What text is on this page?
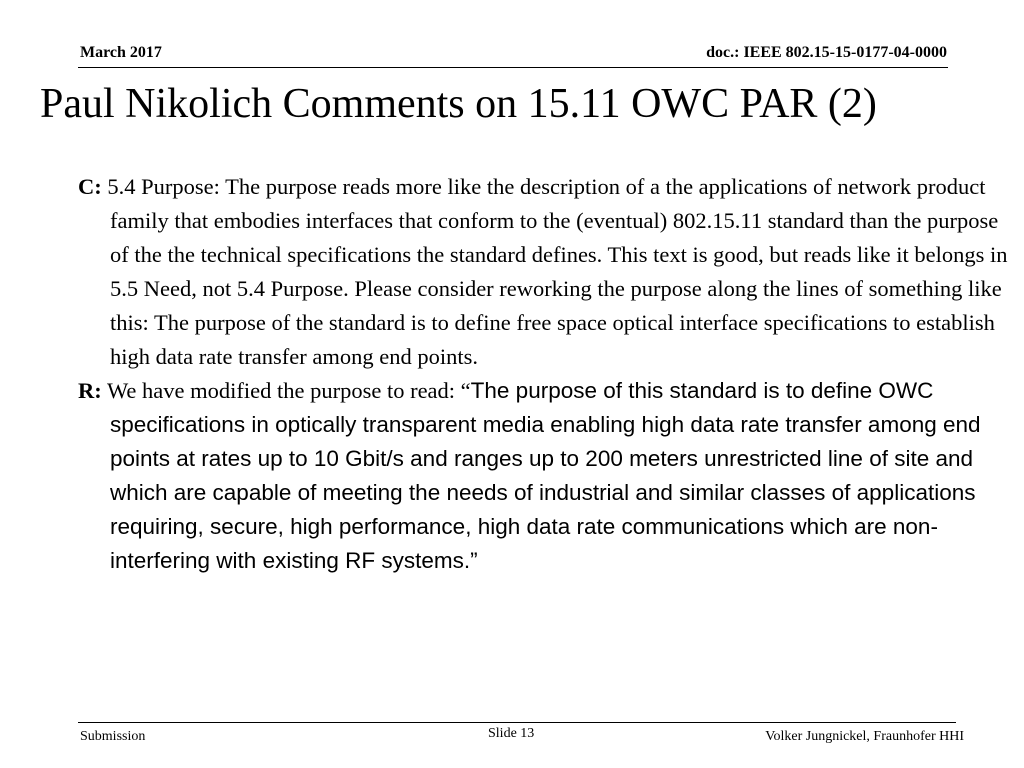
March 2017	doc.: IEEE 802.15-15-0177-04-0000
Paul Nikolich Comments on 15.11 OWC PAR (2)

C: 5.4 Purpose: The purpose reads more like the description of a the applications of network product family that embodies interfaces that conform to the (eventual) 802.15.11 standard than the purpose of the the technical specifications the standard defines. This text is good, but reads like it belongs in 5.5 Need, not 5.4 Purpose. Please consider reworking the purpose along the lines of something like this: The purpose of the standard is to define free space optical interface specifications to establish high data rate transfer among end points.

R: We have modified the purpose to read: “The purpose of this standard is to define OWC specifications in optically transparent media enabling high data rate transfer among end points at rates up to 10 Gbit/s and ranges up to 200 meters unrestricted line of site and which are capable of meeting the needs of industrial and similar classes of applications requiring, secure, high performance, high data rate communications which are non-interfering with existing RF systems.”

Submission	Slide 13	Volker Jungnickel, Fraunhofer HHI
